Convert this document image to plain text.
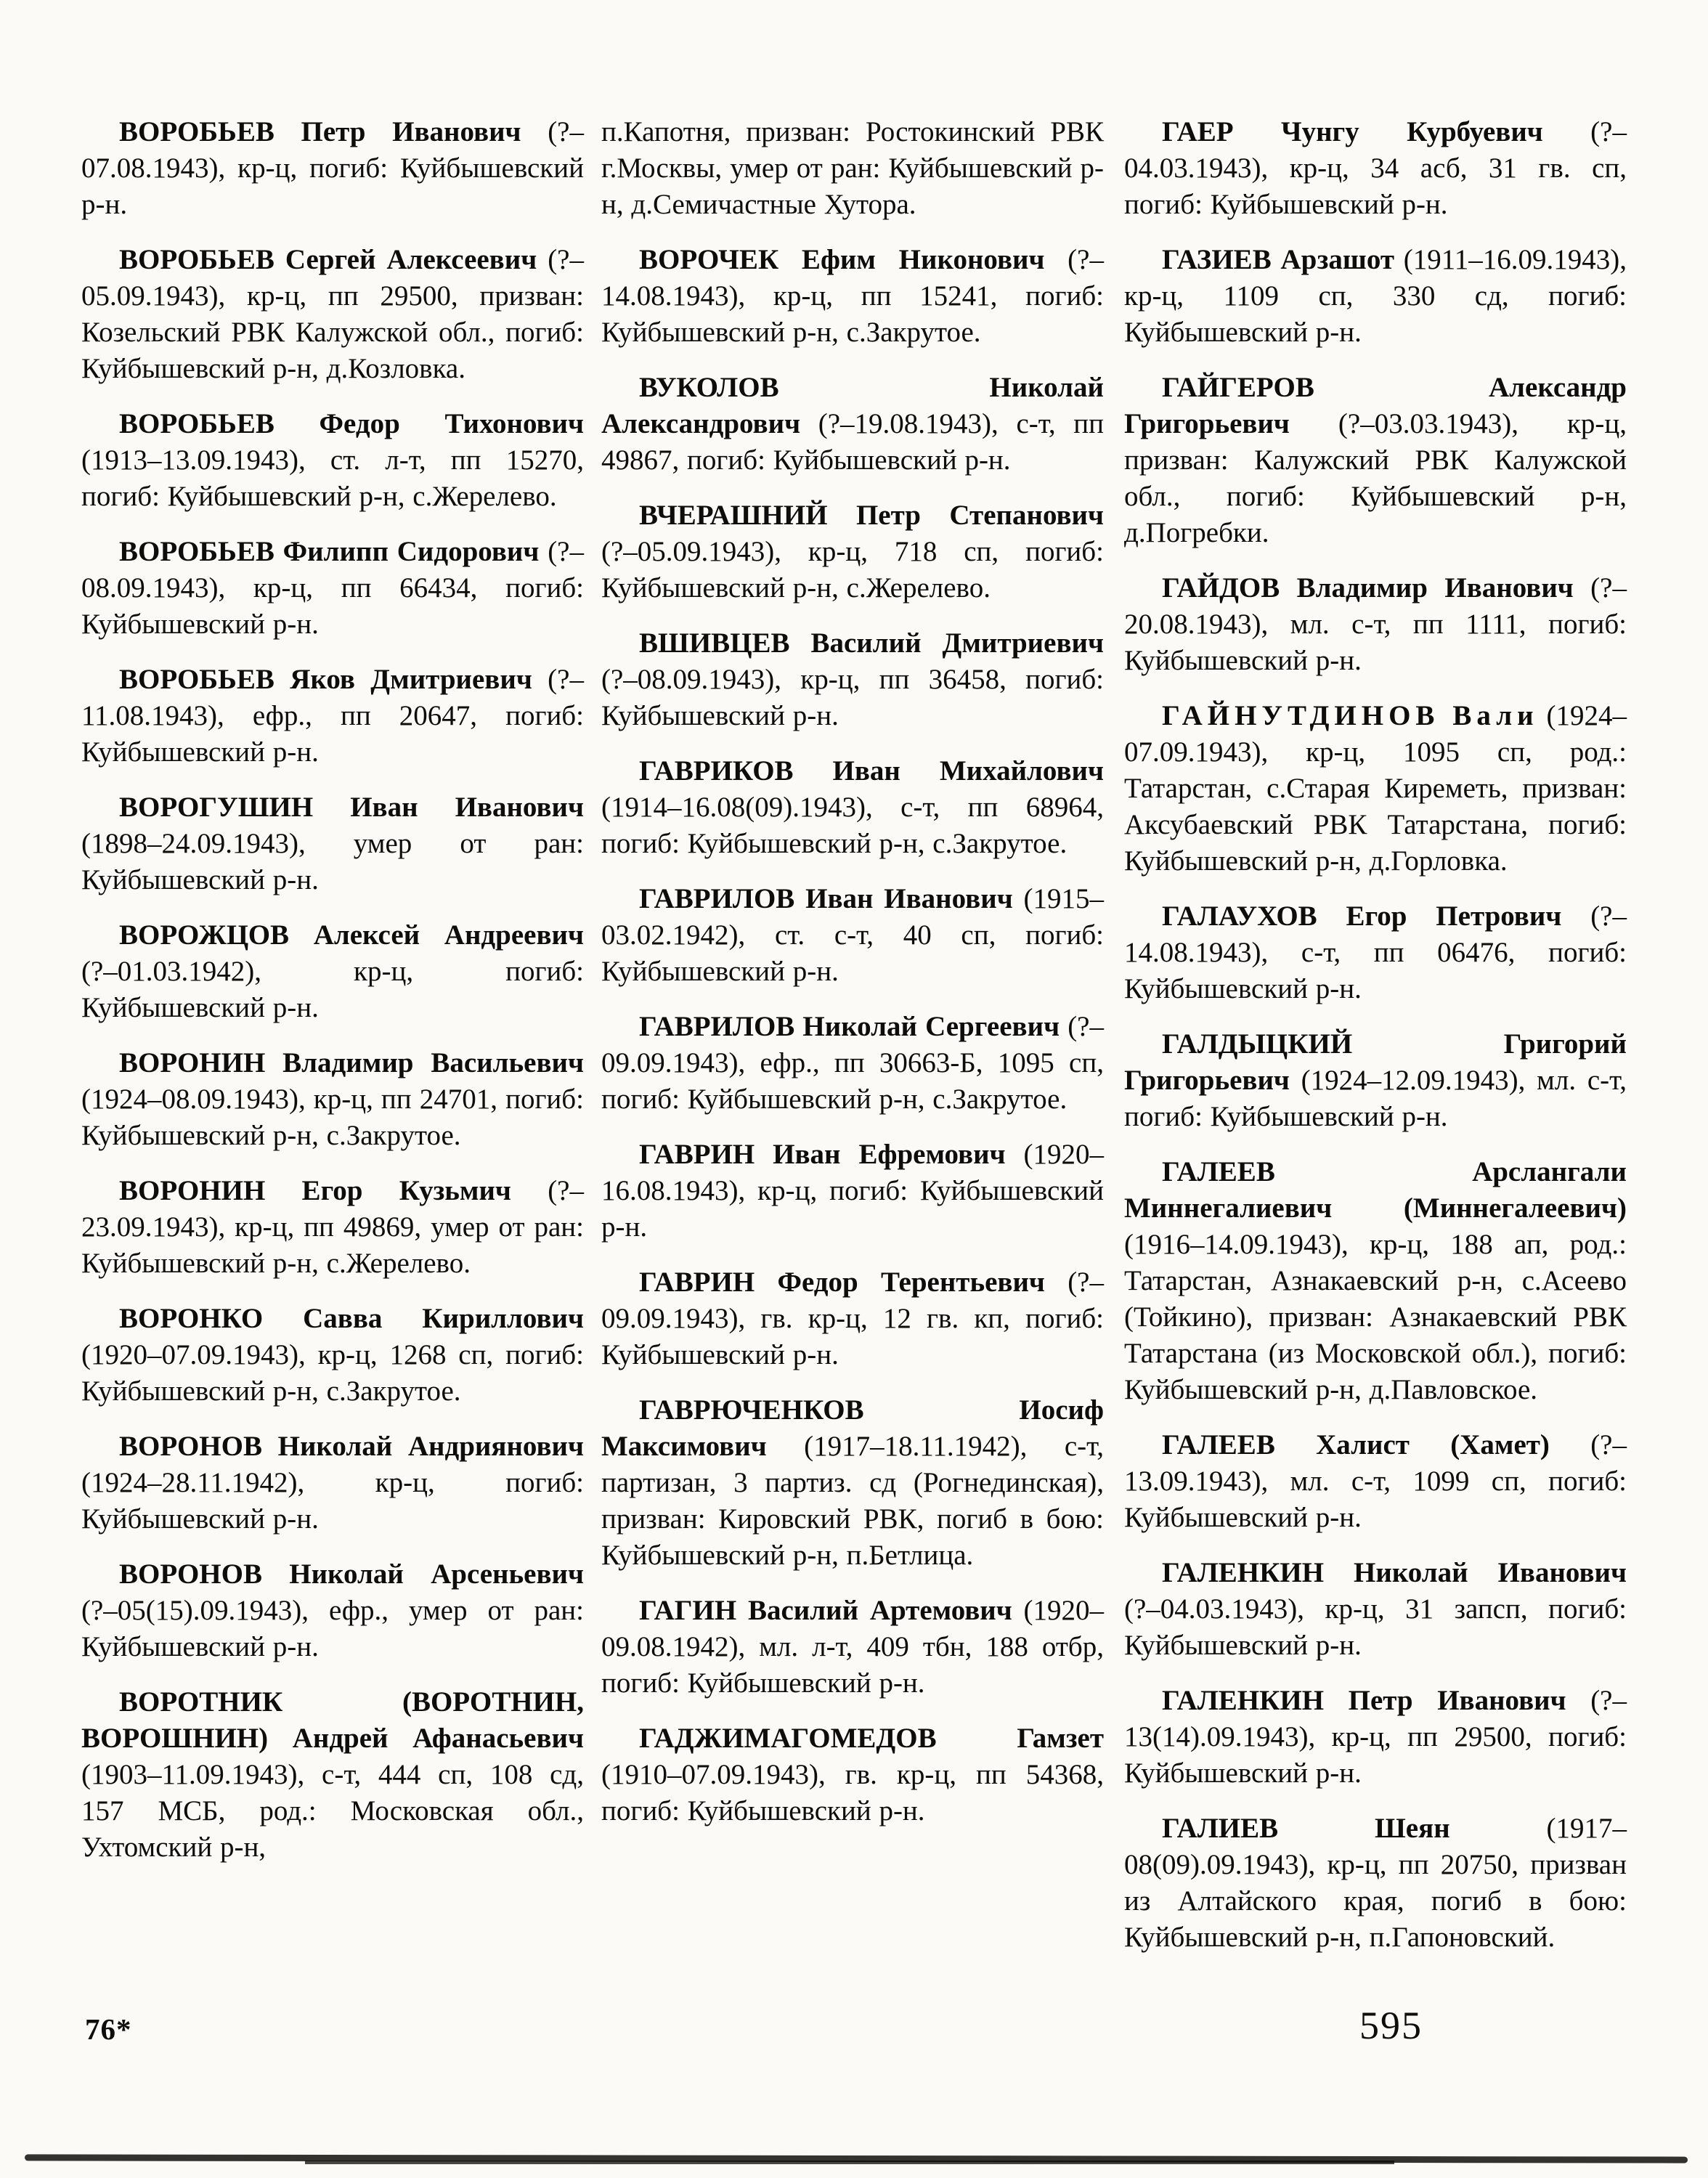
ВОРОБЬЕВ Петр Иванович (?–07.08.1943), кр-ц, погиб: Куйбышевский р-н.

ВОРОБЬЕВ Сергей Алексеевич (?–05.09.1943), кр-ц, пп 29500, призван: Козельский РВК Калужской обл., погиб: Куйбышевский р-н, д.Козловка.

ВОРОБЬЕВ Федор Тихонович (1913–13.09.1943), ст. л-т, пп 15270, погиб: Куйбышевский р-н, с.Жерелево.

ВОРОБЬЕВ Филипп Сидорович (?–08.09.1943), кр-ц, пп 66434, погиб: Куйбышевский р-н.

ВОРОБЬЕВ Яков Дмитриевич (?–11.08.1943), ефр., пп 20647, погиб: Куйбышевский р-н.

ВОРОГУШИН Иван Иванович (1898–24.09.1943), умер от ран: Куйбышевский р-н.

ВОРОЖЦОВ Алексей Андреевич (?–01.03.1942), кр-ц, погиб: Куйбышевский р-н.

ВОРОНИН Владимир Васильевич (1924–08.09.1943), кр-ц, пп 24701, погиб: Куйбышевский р-н, с.Закрутое.

ВОРОНИН Егор Кузьмич (?–23.09.1943), кр-ц, пп 49869, умер от ран: Куйбышевский р-н, с.Жерелево.

ВОРОНКО Савва Кириллович (1920–07.09.1943), кр-ц, 1268 сп, погиб: Куйбышевский р-н, с.Закрутое.

ВОРОНОВ Николай Андриянович (1924–28.11.1942), кр-ц, погиб: Куйбышевский р-н.

ВОРОНОВ Николай Арсеньевич (?–05(15).09.1943), ефр., умер от ран: Куйбышевский р-н.

ВОРОТНИК (ВОРОТНИН, ВОРОШНИН) Андрей Афанасьевич (1903–11.09.1943), с-т, 444 сп, 108 сд, 157 МСБ, род.: Московская обл., Ухтомский р-н,

п.Капотня, призван: Ростокинский РВК г.Москвы, умер от ран: Куйбышевский р-н, д.Семичастные Хутора.

ВОРОЧЕК Ефим Никонович (?–14.08.1943), кр-ц, пп 15241, погиб: Куйбышевский р-н, с.Закрутое.

ВУКОЛОВ Николай Александрович (?–19.08.1943), с-т, пп 49867, погиб: Куйбышевский р-н.

ВЧЕРАШНИЙ Петр Степанович (?–05.09.1943), кр-ц, 718 сп, погиб: Куйбышевский р-н, с.Жерелево.

ВШИВЦЕВ Василий Дмитриевич (?–08.09.1943), кр-ц, пп 36458, погиб: Куйбышевский р-н.

ГАВРИКОВ Иван Михайлович (1914–16.08(09).1943), с-т, пп 68964, погиб: Куйбышевский р-н, с.Закрутое.

ГАВРИЛОВ Иван Иванович (1915–03.02.1942), ст. с-т, 40 сп, погиб: Куйбышевский р-н.

ГАВРИЛОВ Николай Сергеевич (?–09.09.1943), ефр., пп 30663-Б, 1095 сп, погиб: Куйбышевский р-н, с.Закрутое.

ГАВРИН Иван Ефремович (1920–16.08.1943), кр-ц, погиб: Куйбышевский р-н.

ГАВРИН Федор Терентьевич (?–09.09.1943), гв. кр-ц, 12 гв. кп, погиб: Куйбышевский р-н.

ГАВРЮЧЕНКОВ Иосиф Максимович (1917–18.11.1942), с-т, партизан, 3 партиз. сд (Рогнединская), призван: Кировский РВК, погиб в бою: Куйбышевский р-н, п.Бетлица.

ГАГИН Василий Артемович (1920–09.08.1942), мл. л-т, 409 тбн, 188 отбр, погиб: Куйбышевский р-н.

ГАДЖИМАГОМЕДОВ Гамзет (1910–07.09.1943), гв. кр-ц, пп 54368, погиб: Куйбышевский р-н.

ГАЕР Чунгу Курбуевич (?–04.03.1943), кр-ц, 34 асб, 31 гв. сп, погиб: Куйбышевский р-н.

ГАЗИЕВ Арзашот (1911–16.09.1943), кр-ц, 1109 сп, 330 сд, погиб: Куйбышевский р-н.

ГАЙГЕРОВ Александр Григорьевич (?–03.03.1943), кр-ц, призван: Калужский РВК Калужской обл., погиб: Куйбышевский р-н, д.Погребки.

ГАЙДОВ Владимир Иванович (?–20.08.1943), мл. с-т, пп 1111, погиб: Куйбышевский р-н.

ГАЙНУТДИНОВ Вали (1924–07.09.1943), кр-ц, 1095 сп, род.: Татарстан, с.Старая Киреметь, призван: Аксубаевский РВК Татарстана, погиб: Куйбышевский р-н, д.Горловка.

ГАЛАУХОВ Егор Петрович (?–14.08.1943), с-т, пп 06476, погиб: Куйбышевский р-н.

ГАЛДЫЦКИЙ Григорий Григорьевич (1924–12.09.1943), мл. с-т, погиб: Куйбышевский р-н.

ГАЛЕЕВ Арслангали Миннегалиевич (Миннегалеевич) (1916–14.09.1943), кр-ц, 188 ап, род.: Татарстан, Азнакаевский р-н, с.Асеево (Тойкино), призван: Азнакаевский РВК Татарстана (из Московской обл.), погиб: Куйбышевский р-н, д.Павловское.

ГАЛЕЕВ Халист (Хамет) (?–13.09.1943), мл. с-т, 1099 сп, погиб: Куйбышевский р-н.

ГАЛЕНКИН Николай Иванович (?–04.03.1943), кр-ц, 31 запсп, погиб: Куйбышевский р-н.

ГАЛЕНКИН Петр Иванович (?–13(14).09.1943), кр-ц, пп 29500, погиб: Куйбышевский р-н.

ГАЛИЕВ Шеян (1917–08(09).09.1943), кр-ц, пп 20750, призван из Алтайского края, погиб в бою: Куйбышевский р-н, п.Гапоновский.

76*	595
